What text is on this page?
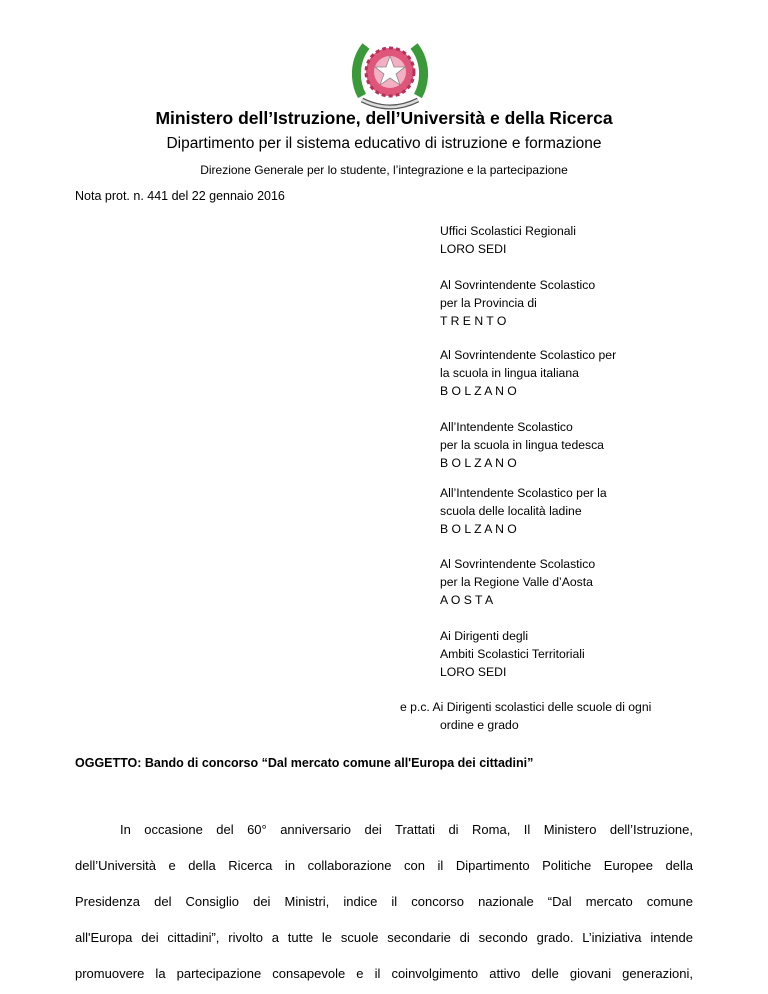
Ministero dell’Istruzione, dell’Università e della Ricerca
Dipartimento per il sistema educativo di istruzione e formazione
Direzione Generale per lo studente, l’integrazione e la partecipazione
Nota prot. n. 441 del 22 gennaio 2016
Uffici Scolastici Regionali
LORO SEDI
Al Sovrintendente Scolastico
per la Provincia di
T R E N T O
Al Sovrintendente Scolastico per
la scuola in lingua italiana
B O L Z A N O
All’Intendente Scolastico
per la scuola in lingua tedesca
B O L Z A N O
All’Intendente Scolastico per la
scuola delle località ladine
B O L Z A N O
Al Sovrintendente Scolastico
per la Regione Valle d’Aosta
A O S T A
Ai Dirigenti degli
Ambiti Scolastici Territoriali
LORO SEDI
e p.c. Ai Dirigenti scolastici delle scuole di ogni
ordine e grado
OGGETTO: Bando di concorso “Dal mercato comune all'Europa dei cittadini”
In occasione del 60° anniversario dei Trattati di Roma, Il Ministero dell’Istruzione,
dell’Università e della Ricerca in collaborazione con il Dipartimento Politiche Europee della
Presidenza del Consiglio dei Ministri, indice il concorso nazionale “Dal mercato comune
all'Europa dei cittadini”, rivolto a tutte le scuole secondarie di secondo grado. L’iniziativa intende
promuovere la partecipazione consapevole e il coinvolgimento attivo delle giovani generazioni,
